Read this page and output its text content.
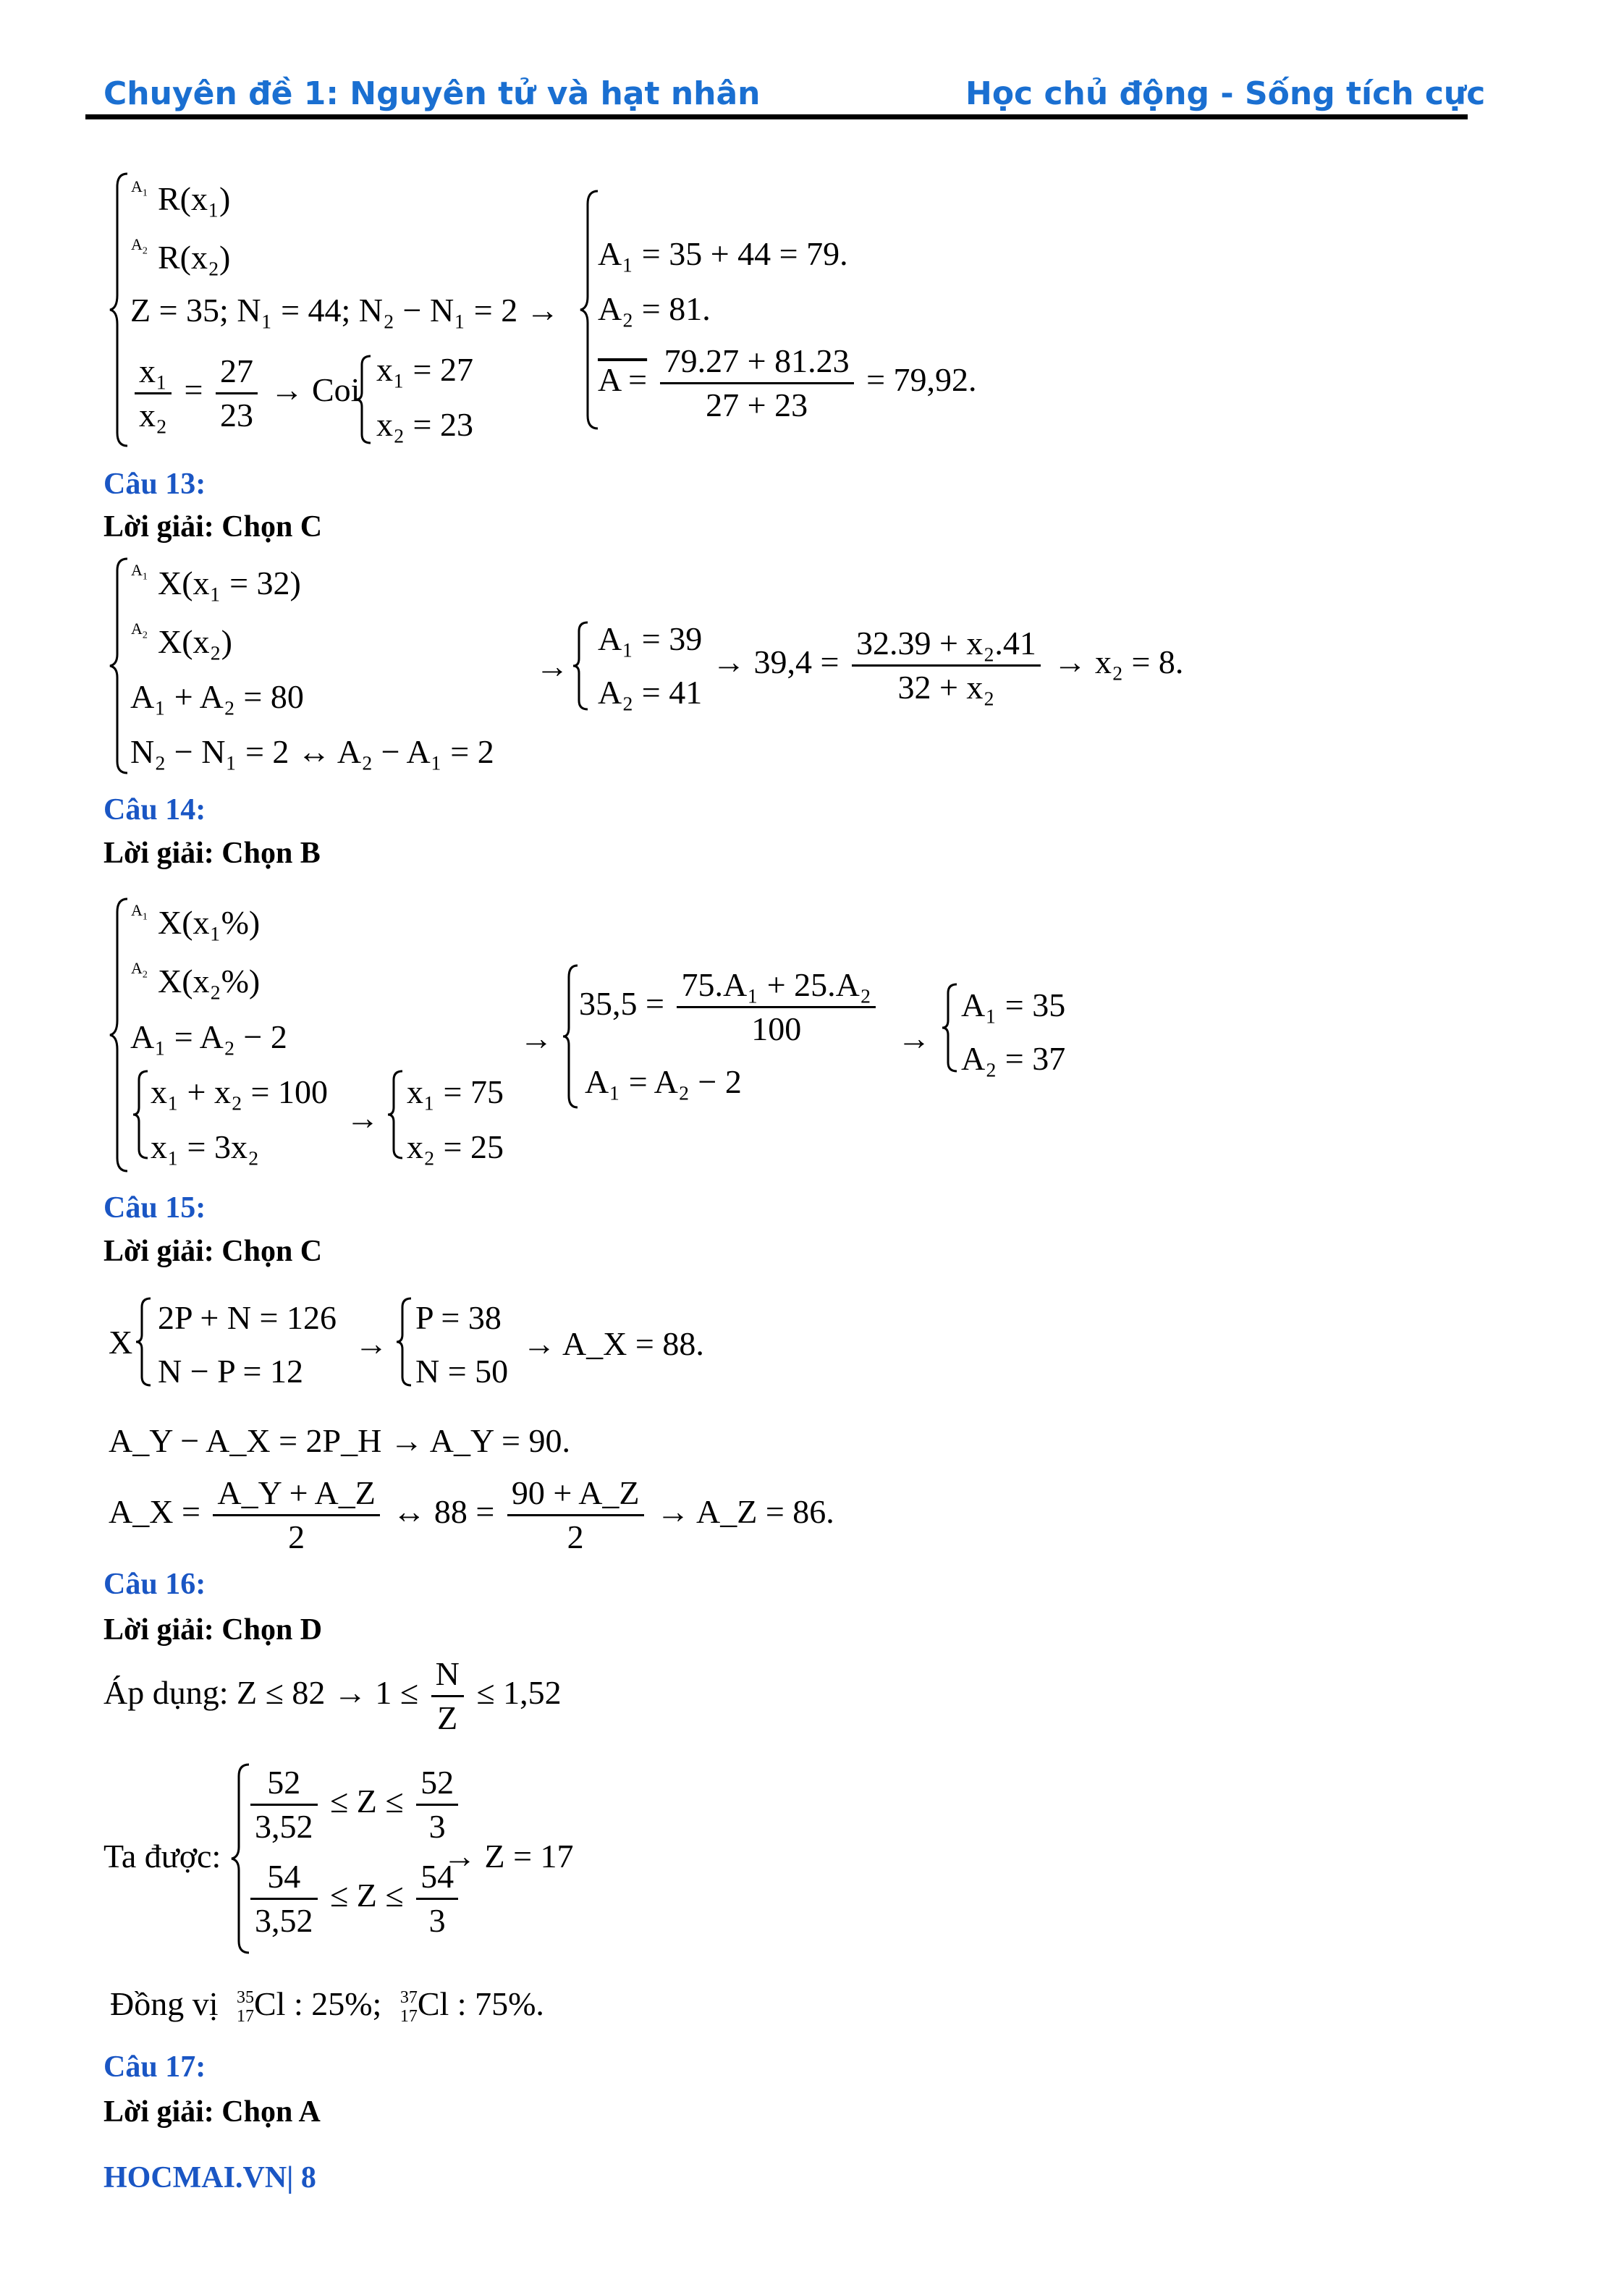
Chuyên đề 1: Nguyên tử và hạt nhân	Học chủ động - Sống tích cực
$A_1$ R(x₁)
$A_2$ R(x₂)
Z = 35; N₁ = 44; N₂ − N₁ = 2 →
$\frac{\text{x₁}}{\text{x₂}} = \frac{27}{23}$ → Coi
x₁ = 27
x₂ = 23
A₁ = 35 + 44 = 79.
A₂ = 81.
$A = \frac{79.27 + 81.23}{27 + 23} = 79,92$.
Câu 13:
Lời giải: Chọn C
$A_1$ X(x₁ = 32)
$A_2$ X(x₂)
A₁ + A₂ = 80
N₂ − N₁ = 2 ↔ A₂ − A₁ = 2
→
A₁ = 39
A₂ = 41
→ $39,4 = \frac{\text{32.39 + x₂.41}}{\text{32 + x₂}} \to x_2 = 8$.
Câu 14:
Lời giải: Chọn B
$A_1$ X(x₁%)
$A_2$ X(x₂%)
A₁ = A₂ − 2
x₁ + x₂ = 100
x₁ = 3x₂
→
x₁ = 75
x₂ = 25
→
$35,5 = \frac{\text{75.A₁ + 25.A₂}}{100}$
A₁ = A₂ − 2
→
A₁ = 35
A₂ = 37
Câu 15:
Lời giải: Chọn C
X
2P + N = 126
N − P = 12
→
P = 38
N = 50
→ A_X = 88.
A_Y − A_X = 2P_H → A_Y = 90.
A_X = $\frac{A\_Y + A\_Z}{2}$ ↔ $88 = \frac{90 + A\_Z}{2}$ → A_Z = 86.
Câu 16:
Lời giải: Chọn D
Áp dụng: $Z \le 82 \to 1 \le \frac{N}{Z} \le 1,52$
Ta được:
$\frac{52}{3,52} \le Z \le \frac{52}{3}$
$\frac{54}{3,52} \le Z \le \frac{54}{3}$
→ Z = 17
Đồng vị 35
17 Cl : 25%; 37
17 Cl : 75%.
Câu 17:
Lời giải: Chọn A
HOCMAI.VN| 8
